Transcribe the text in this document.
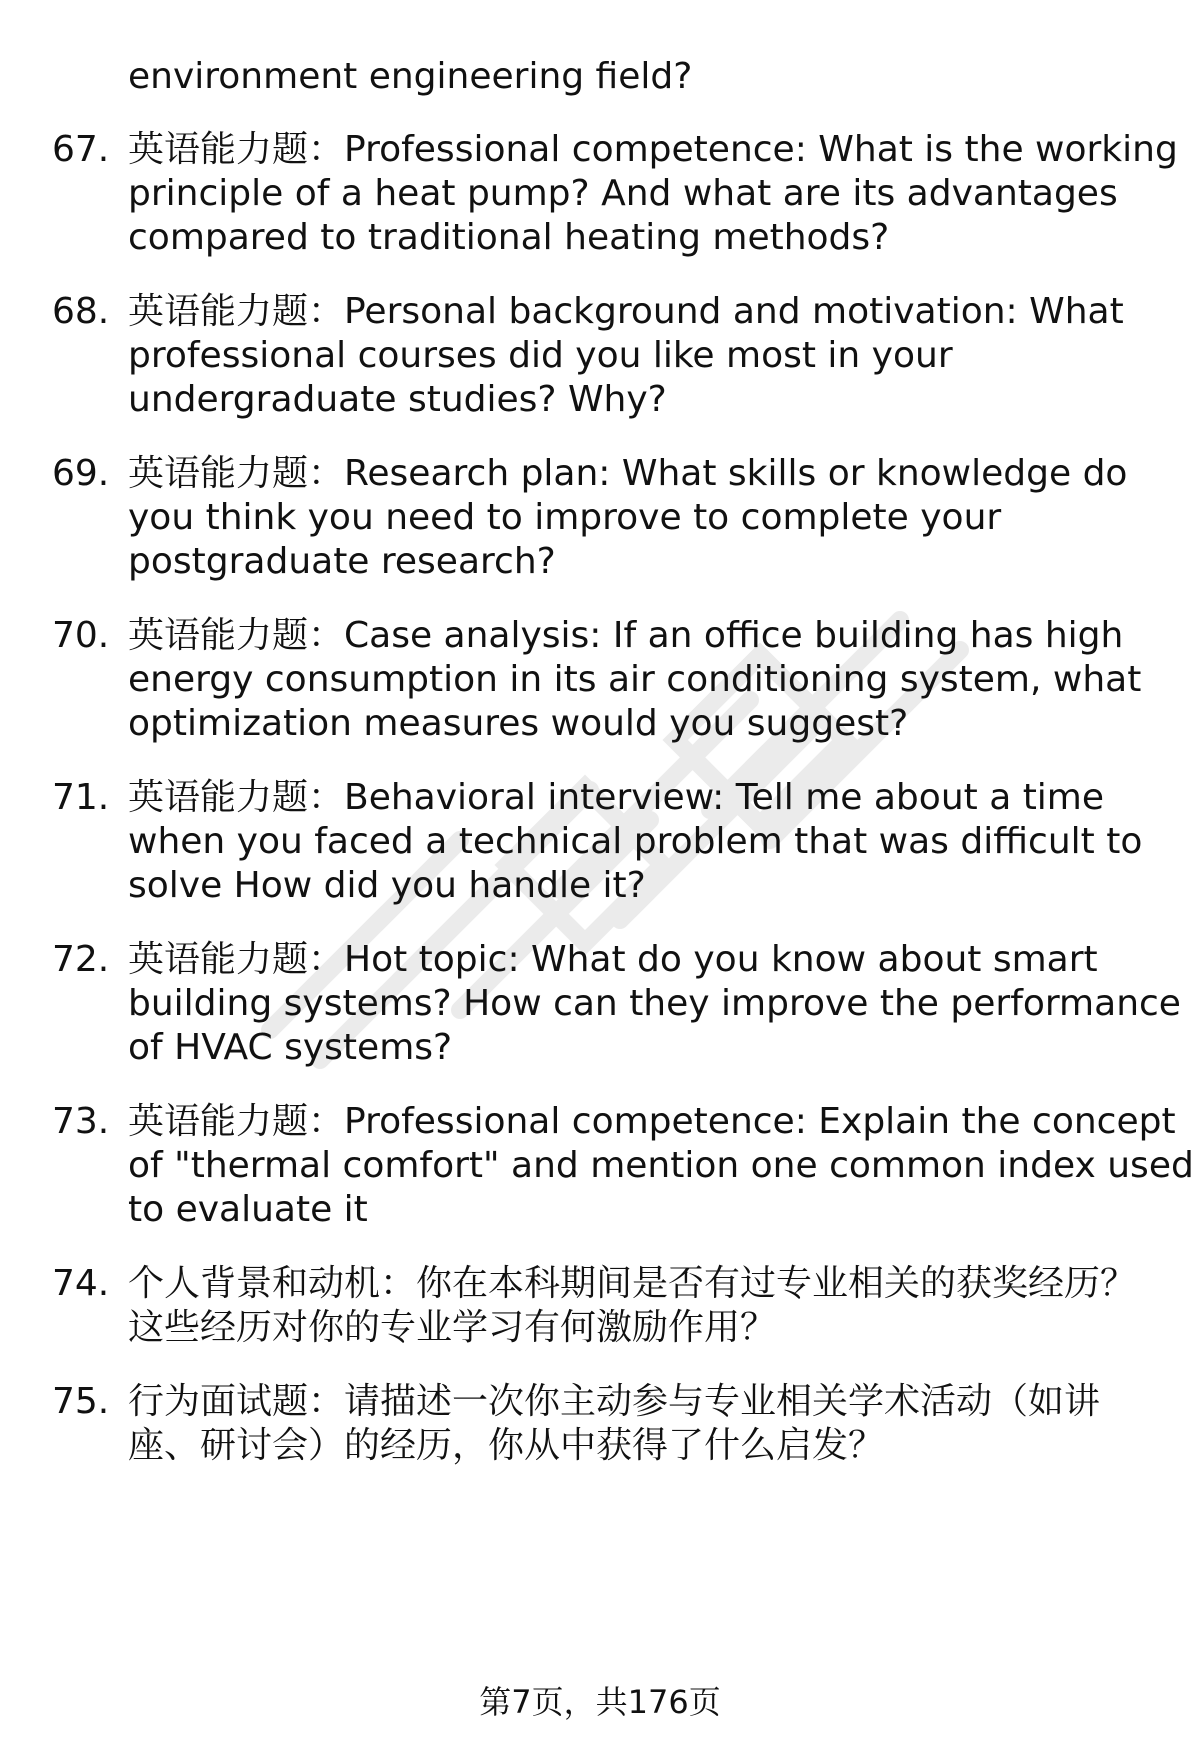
environment engineering field?
67. 英语能力题：Professional competence: What is the working
principle of a heat pump? And what are its advantages
compared to traditional heating methods?
68. 英语能力题：Personal background and motivation: What
professional courses did you like most in your
undergraduate studies? Why?
69. 英语能力题：Research plan: What skills or knowledge do
you think you need to improve to complete your
postgraduate research?
70. 英语能力题：Case analysis: If an office building has high
energy consumption in its air conditioning system, what
optimization measures would you suggest?
71. 英语能力题：Behavioral interview: Tell me about a time
when you faced a technical problem that was difficult to
solve How did you handle it?
72. 英语能力题：Hot topic: What do you know about smart
building systems? How can they improve the performance
of HVAC systems?
73. 英语能力题：Professional competence: Explain the concept
of "thermal comfort" and mention one common index used
to evaluate it
74. 个人背景和动机：你在本科期间是否有过专业相关的获奖经历？
这些经历对你的专业学习有何激励作用？
75. 行为面试题：请描述一次你主动参与专业相关学术活动（如讲
座、研讨会）的经历，你从中获得了什么启发？
第7页，共176页
